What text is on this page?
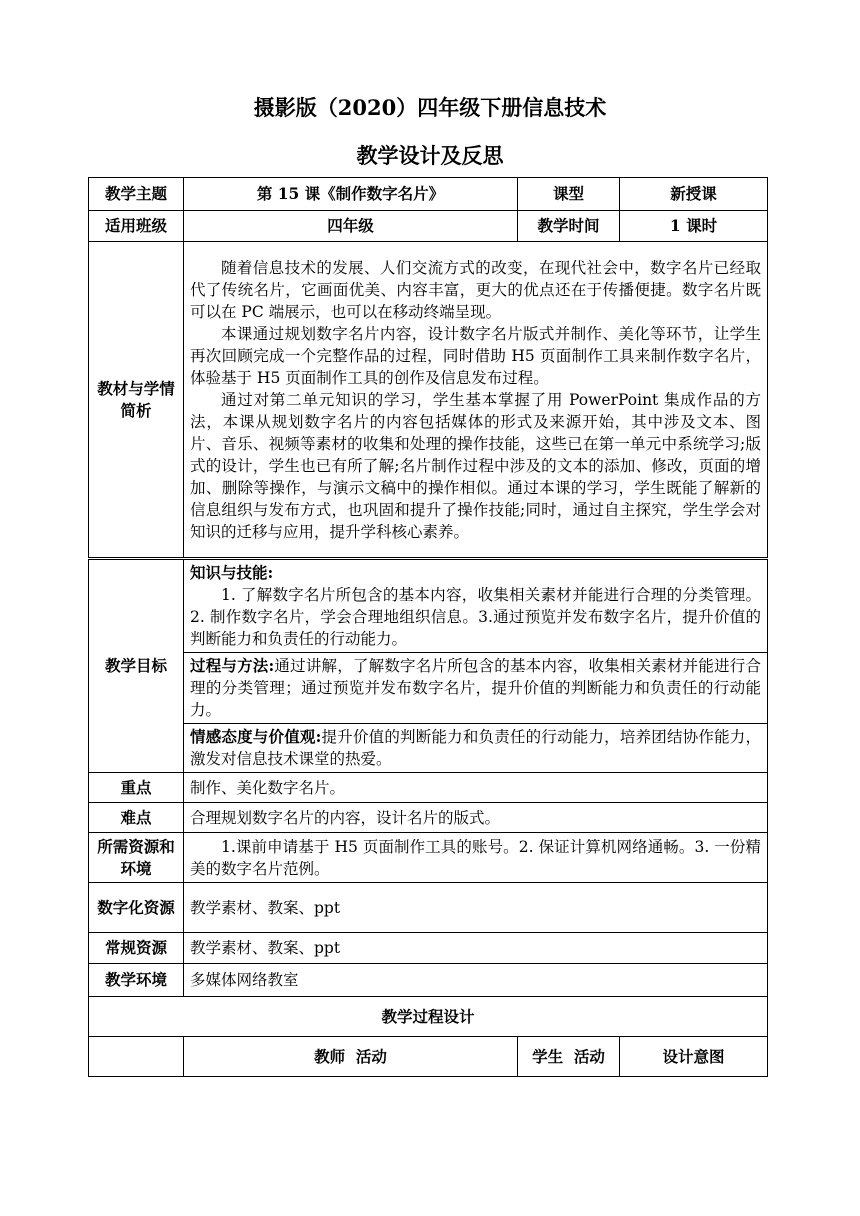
摄影版（2020）四年级下册信息技术
教学设计及反思
教学主题	第 15 课《制作数字名片》	课型	新授课
适用班级	四年级	教学时间	1 课时
教材与学情简析	随着信息技术的发展、人们交流方式的改变，在现代社会中，数字名片已经取代了传统名片，它画面优美、内容丰富，更大的优点还在于传播便捷。数字名片既可以在 PC 端展示，也可以在移动终端呈现。

本课通过规划数字名片内容，设计数字名片版式并制作、美化等环节，让学生再次回顾完成一个完整作品的过程，同时借助 H5 页面制作工具来制作数字名片，体验基于 H5 页面制作工具的创作及信息发布过程。

通过对第二单元知识的学习，学生基本掌握了用 PowerPoint 集成作品的方法，本课从规划数字名片的内容包括媒体的形式及来源开始，其中涉及文本、图片、音乐、视频等素材的收集和处理的操作技能，这些已在第一单元中系统学习;版式的设计，学生也已有所了解;名片制作过程中涉及的文本的添加、修改，页面的增加、删除等操作，与演示文稿中的操作相似。通过本课的学习，学生既能了解新的信息组织与发布方式，也巩固和提升了操作技能;同时，通过自主探究，学生学会对知识的迁移与应用，提升学科核心素养。		

教学目标	知识与技能:

1. 了解数字名片所包含的基本内容，收集相关素材并能进行合理的分类管理。2. 制作数字名片，学会合理地组织信息。3.通过预览并发布数字名片，提升价值的判断能力和负责任的行动能力。		

	过程与方法:通过讲解，了解数字名片所包含的基本内容，收集相关素材并能进行合理的分类管理；通过预览并发布数字名片，提升价值的判断能力和负责任的行动能力。		
	情感态度与价值观:提升价值的判断能力和负责任的行动能力，培养团结协作能力，激发对信息技术课堂的热爱。		
重点	制作、美化数字名片。		
难点	合理规划数字名片的内容，设计名片的版式。		
所需资源和环境	1.课前申请基于 H5 页面制作工具的账号。2. 保证计算机网络通畅。3. 一份精美的数字名片范例。		

数字化资源	教学素材、教案、ppt		
常规资源	教学素材、教案、ppt		
教学环境	多媒体网络教室		
教学过程设计			
	教师  活动	学生  活动	设计意图
